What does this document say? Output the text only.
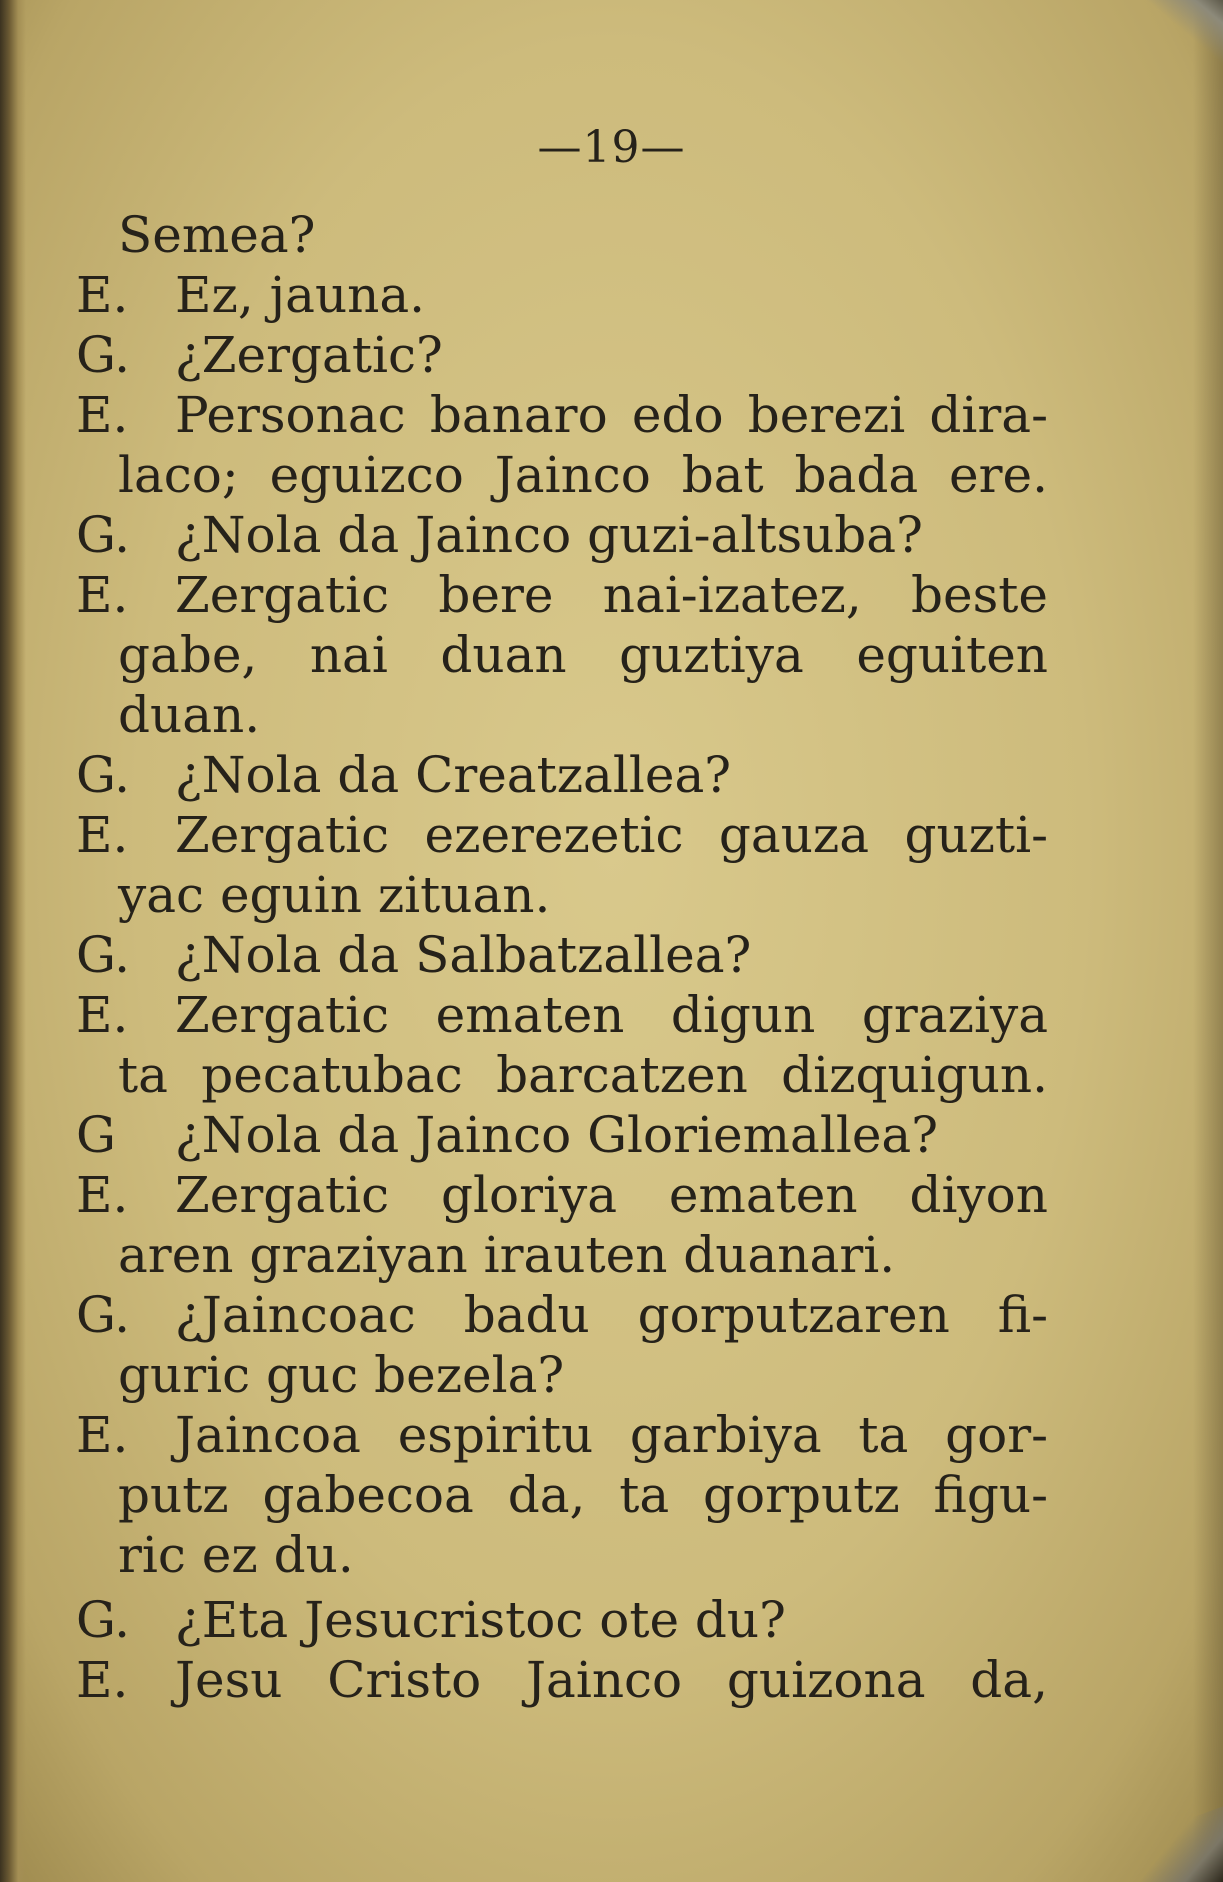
—19—
Semea?
E. Ez, jauna.
G. ¿Zergatic?
E. Personac banaro edo berezi dira-
laco; eguizco Jainco bat bada ere.
G. ¿Nola da Jainco guzi-altsuba?
E. Zergatic bere nai-izatez, beste
gabe, nai duan guztiya eguiten
duan.
G. ¿Nola da Creatzallea?
E. Zergatic ezerezetic gauza guzti-
yac eguin zituan.
G. ¿Nola da Salbatzallea?
E. Zergatic ematen digun graziya
ta pecatubac barcatzen dizquigun.
G ¿Nola da Jainco Gloriemallea?
E. Zergatic gloriya ematen diyon
aren graziyan irauten duanari.
G. ¿Jaincoac badu gorputzaren fi-
guric guc bezela?
E. Jaincoa espiritu garbiya ta gor-
putz gabecoa da, ta gorputz figu-
ric ez du.
G. ¿Eta Jesucristoc ote du?
E. Jesu Cristo Jainco guizona da,
